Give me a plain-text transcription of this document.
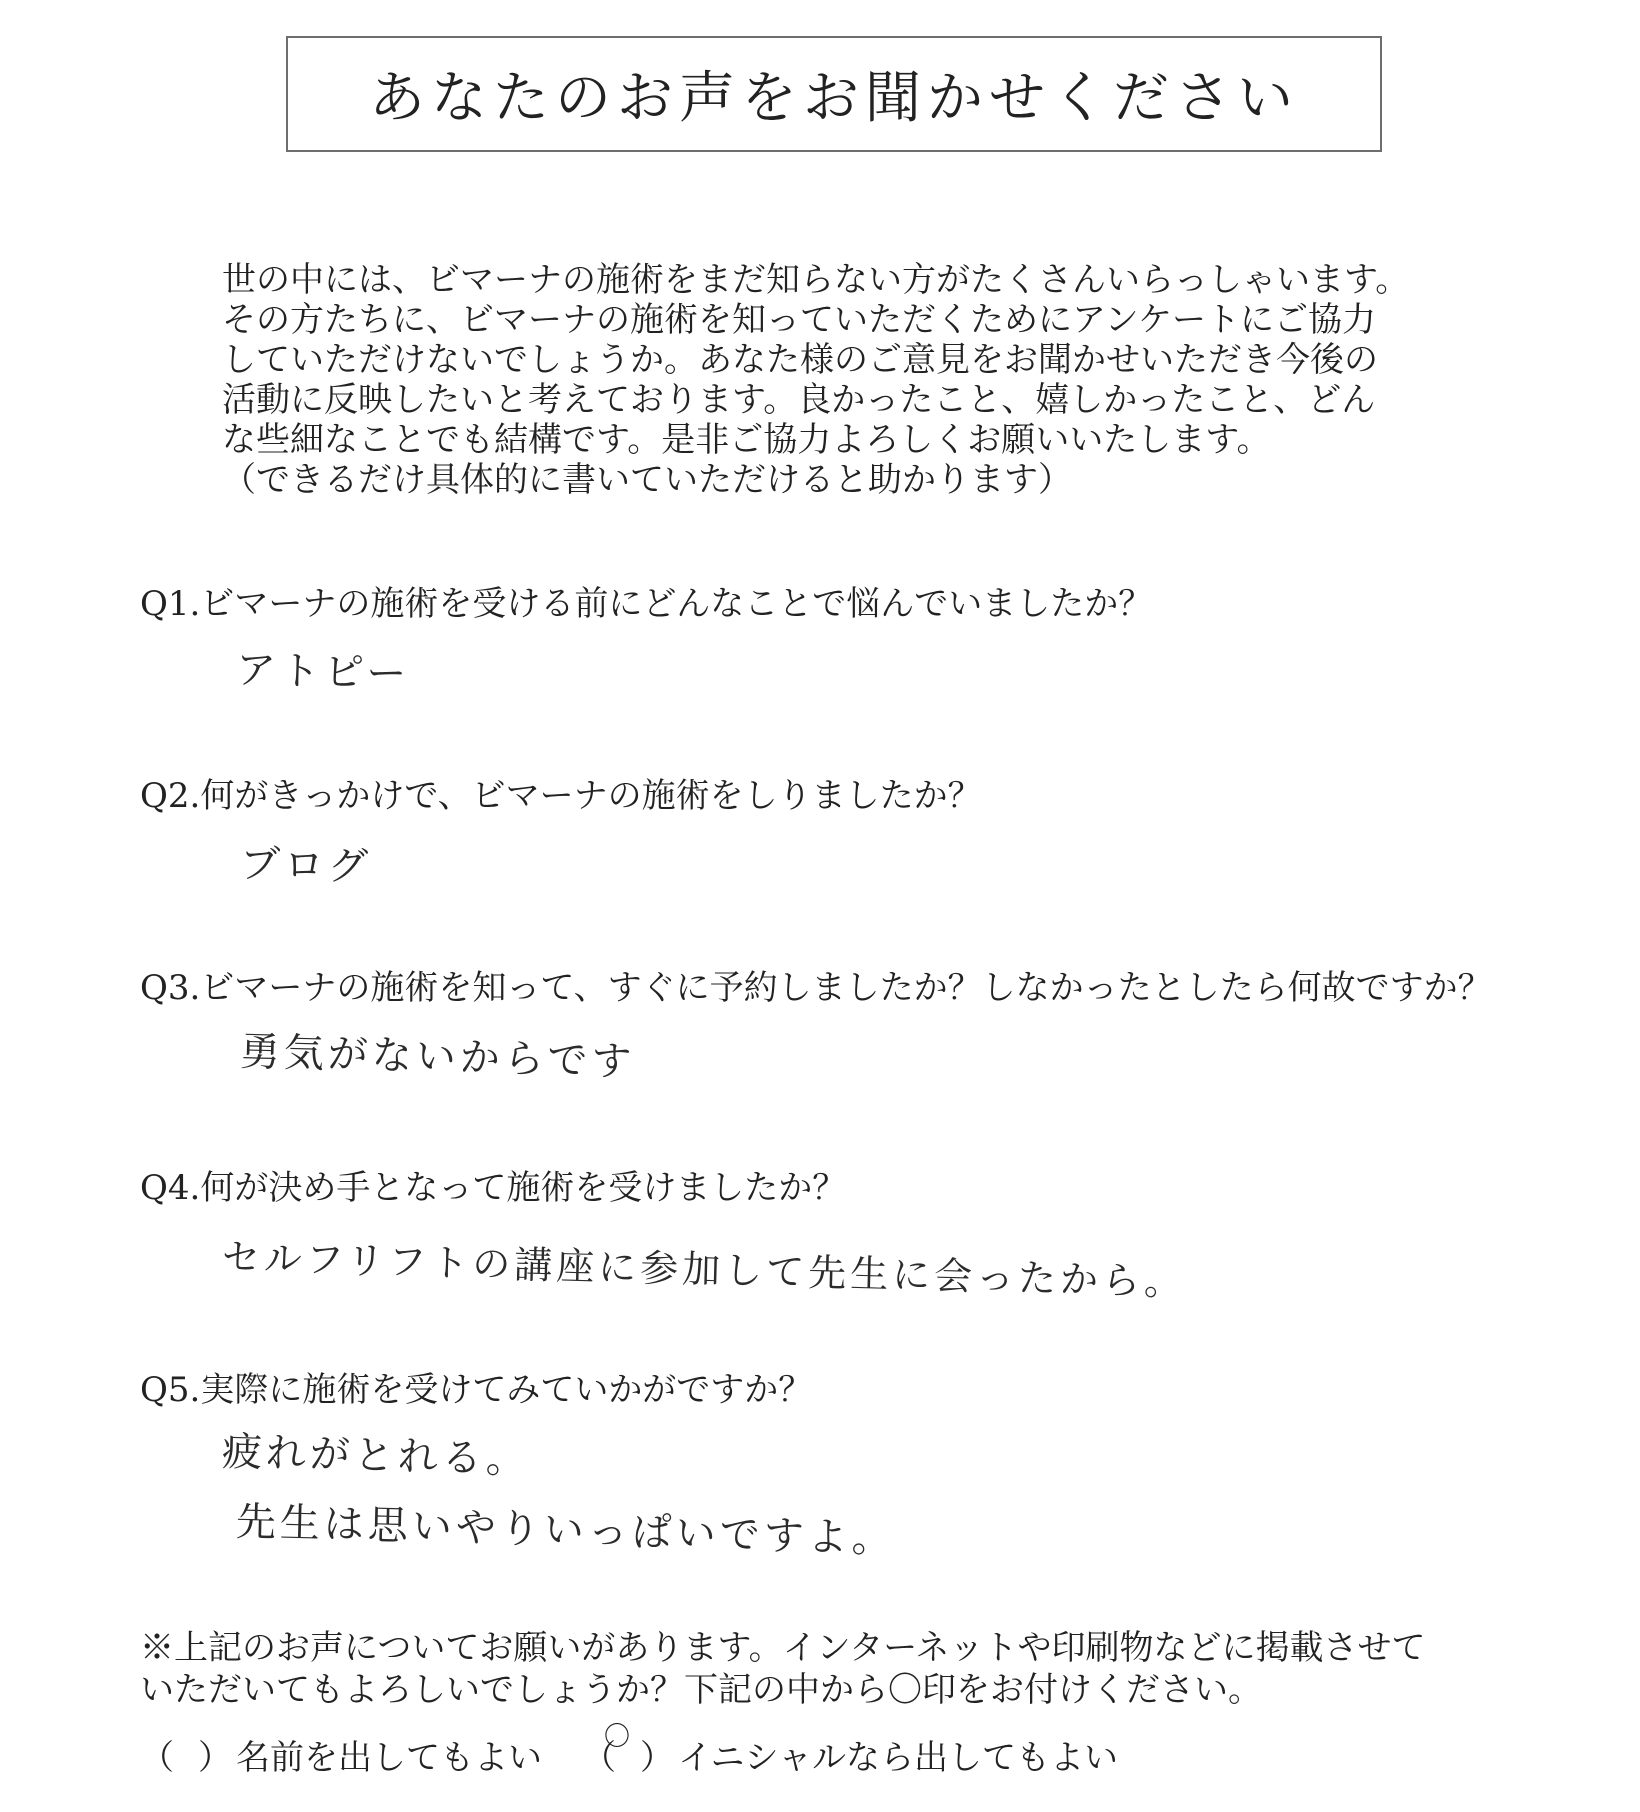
あなたのお声をお聞かせください
世の中には、ビマーナの施術をまだ知らない方がたくさんいらっしゃいます。
その方たちに、ビマーナの施術を知っていただくためにアンケートにご協力
していただけないでしょうか。あなた様のご意見をお聞かせいただき今後の
活動に反映したいと考えております。良かったこと、嬉しかったこと、どん
な些細なことでも結構です。是非ご協力よろしくお願いいたします。
（できるだけ具体的に書いていただけると助かります）
Q1.ビマーナの施術を受ける前にどんなことで悩んでいましたか？
アトピー
Q2.何がきっかけで、ビマーナの施術をしりましたか？
ブログ
Q3.ビマーナの施術を知って、すぐに予約しましたか？しなかったとしたら何故ですか？
勇気がないからです
Q4.何が決め手となって施術を受けましたか？
セルフリフトの講座に参加して先生に会ったから。
Q5.実際に施術を受けてみていかがですか？
疲れがとれる。
先生は思いやりいっぱいですよ。
※上記のお声についてお願いがあります。インターネットや印刷物などに掲載させて
いただいてもよろしいでしょうか？下記の中から〇印をお付けください。
（ ） 名前を出してもよい （
〇
） イニシャルなら出してもよい
